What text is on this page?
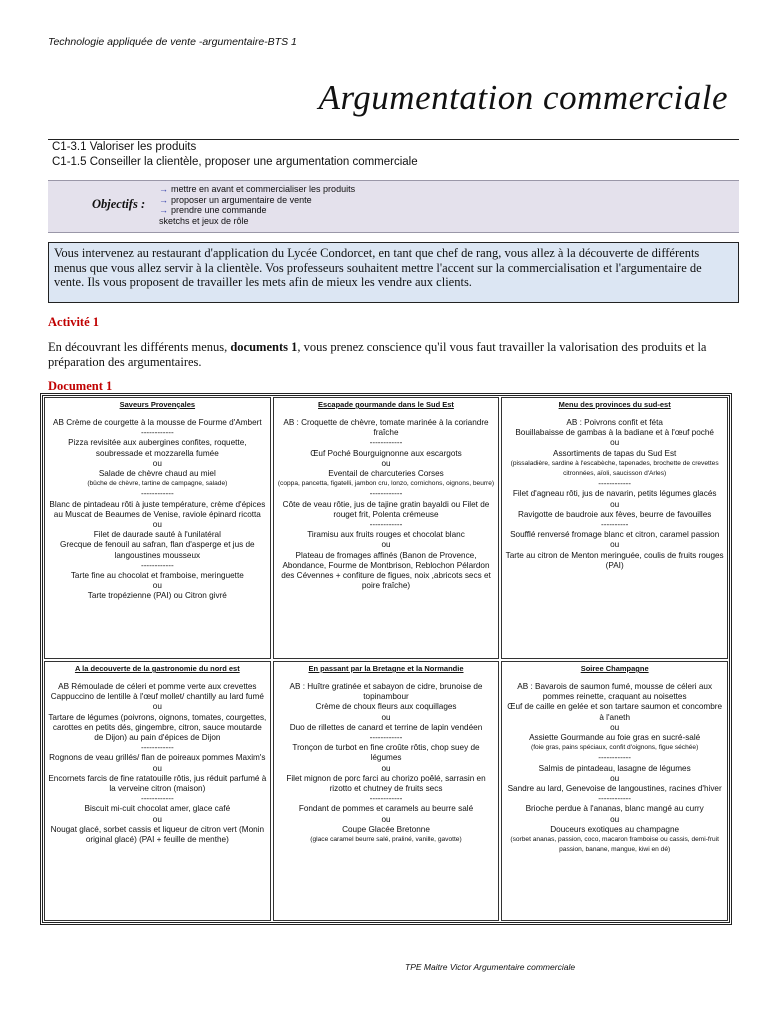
Technologie appliquée de vente -argumentaire-BTS 1
Argumentation commerciale
C1-3.1 Valoriser les produits
C1-1.5 Conseiller la clientèle, proposer une argumentation commerciale
Objectifs :
→ mettre en avant et commercialiser les produits
→ proposer un argumentaire de vente
→ prendre une commande
sketchs et jeux de rôle
Vous intervenez au restaurant d'application du Lycée Condorcet, en tant que chef de rang, vous allez à la découverte de différents menus que vous allez servir à la clientèle. Vos professeurs souhaitent mettre l'accent sur la commercialisation et l'argumentaire de vente. Ils vous proposent de travailler les mets afin de mieux les vendre aux clients.
Activité 1
En découvrant les différents menus, documents 1, vous prenez conscience qu'il vous faut travailler la valorisation des produits et la préparation des argumentaires.
Document 1
Saveurs Provençales
AB Crème de courgette à la mousse de Fourme d'Ambert
------------
Pizza revisitée aux aubergines confites, roquette, soubressade et mozzarella fumée
ou
Salade de chèvre chaud au miel
(bûche de chèvre, tartine de campagne, salade)
------------
Blanc de pintadeau rôti à juste température, crème d'épices au Muscat de Beaumes de Venise, raviole épinard ricotta
ou
Filet de daurade sauté à l'unilatéral
Grecque de fenouil au safran, flan d'asperge et jus de langoustines mousseux
------------
Tarte fine au chocolat et framboise, meringuette
ou
Tarte tropézienne (PAI) ou Citron givré
Escapade gourmande dans le Sud Est
AB : Croquette de chèvre, tomate marinée à la coriandre fraîche
------------
Œuf Poché Bourguignonne aux escargots
ou
Eventail de charcuteries Corses
(coppa, pancetta, figatelli, jambon cru, lonzo, cornichons, oignons, beurre)
------------
Côte de veau rôtie, jus de tajine gratin bayaldi ou Filet de rouget frit, Polenta crémeuse
------------
Tiramisu aux fruits rouges et chocolat blanc
ou
Plateau de fromages affinés (Banon de Provence, Abondance, Fourme de Montbrison, Reblochon Pélardon des Cévennes + confiture de figues, noix ,abricots secs et poire fraîche)
Menu des provinces du sud-est
AB : Poivrons confit et féta
Bouillabaisse de gambas à la badiane et à l'œuf poché
ou
Assortiments de tapas du Sud Est
(pissaladière, sardine à l'escabèche, tapenades, brochette de crevettes citronnées, aïoli, saucisson d'Arles)
------------
Filet d'agneau rôti, jus de navarin, petits légumes glacés
ou
Ravigotte de baudroie aux fèves, beurre de favouilles
----------
Soufflé renversé fromage blanc et citron, caramel passion
ou
Tarte au citron de Menton meringuée, coulis de fruits rouges (PAI)
A la decouverte de la gastronomie du nord est
AB Rémoulade de céleri et pomme verte aux crevettes
Cappuccino de lentille à l'œuf mollet/ chantilly au lard fumé
ou
Tartare de légumes (poivrons, oignons, tomates, courgettes, carottes en petits dés, gingembre, citron, sauce moutarde de Dijon) au pain d'épices de Dijon
------------
Rognons de veau grillés/ flan de poireaux pommes Maxim's
ou
Encornets farcis de fine ratatouille rôtis, jus réduit parfumé à la verveine citron (maison)
------------
Biscuit mi-cuit chocolat amer, glace café
ou
Nougat glacé, sorbet cassis et liqueur de citron vert (Monin original glacé) (PAI + feuille de menthe)
En passant par la Bretagne et la Normandie
AB : Huître gratinée et sabayon de cidre, brunoise de topinambour
Crème de choux fleurs aux coquillages
ou
Duo de rillettes de canard et terrine de lapin vendéen
------------
Tronçon de turbot en fine croûte rôtis, chop suey de légumes
ou
Filet mignon de porc farci au chorizo poêlé, sarrasin en rizotto et chutney de fruits secs
------------
Fondant de pommes et caramels au beurre salé
ou
Coupe Glacée Bretonne
(glace caramel beurre salé, praliné, vanille, gavotte)
Soiree Champagne
AB : Bavarois de saumon fumé, mousse de céleri aux pommes reinette, craquant au noisettes
Œuf de caille en gelée et son tartare saumon et concombre à l'aneth
ou
Assiette Gourmande au foie gras en sucré-salé
(foie gras, pains spéciaux, confit d'oignons, figue séchée)
------------
Salmis de pintadeau, lasagne de légumes
ou
Sandre au lard, Genevoise de langoustines, racines d'hiver
------------
Brioche perdue à l'ananas, blanc mangé au curry
ou
Douceurs exotiques au champagne
(sorbet ananas, passion, coco, macaron framboise ou cassis, demi-fruit passion, banane, mangue, kiwi en dé)
TPE Maitre Victor Argumentaire commerciale
